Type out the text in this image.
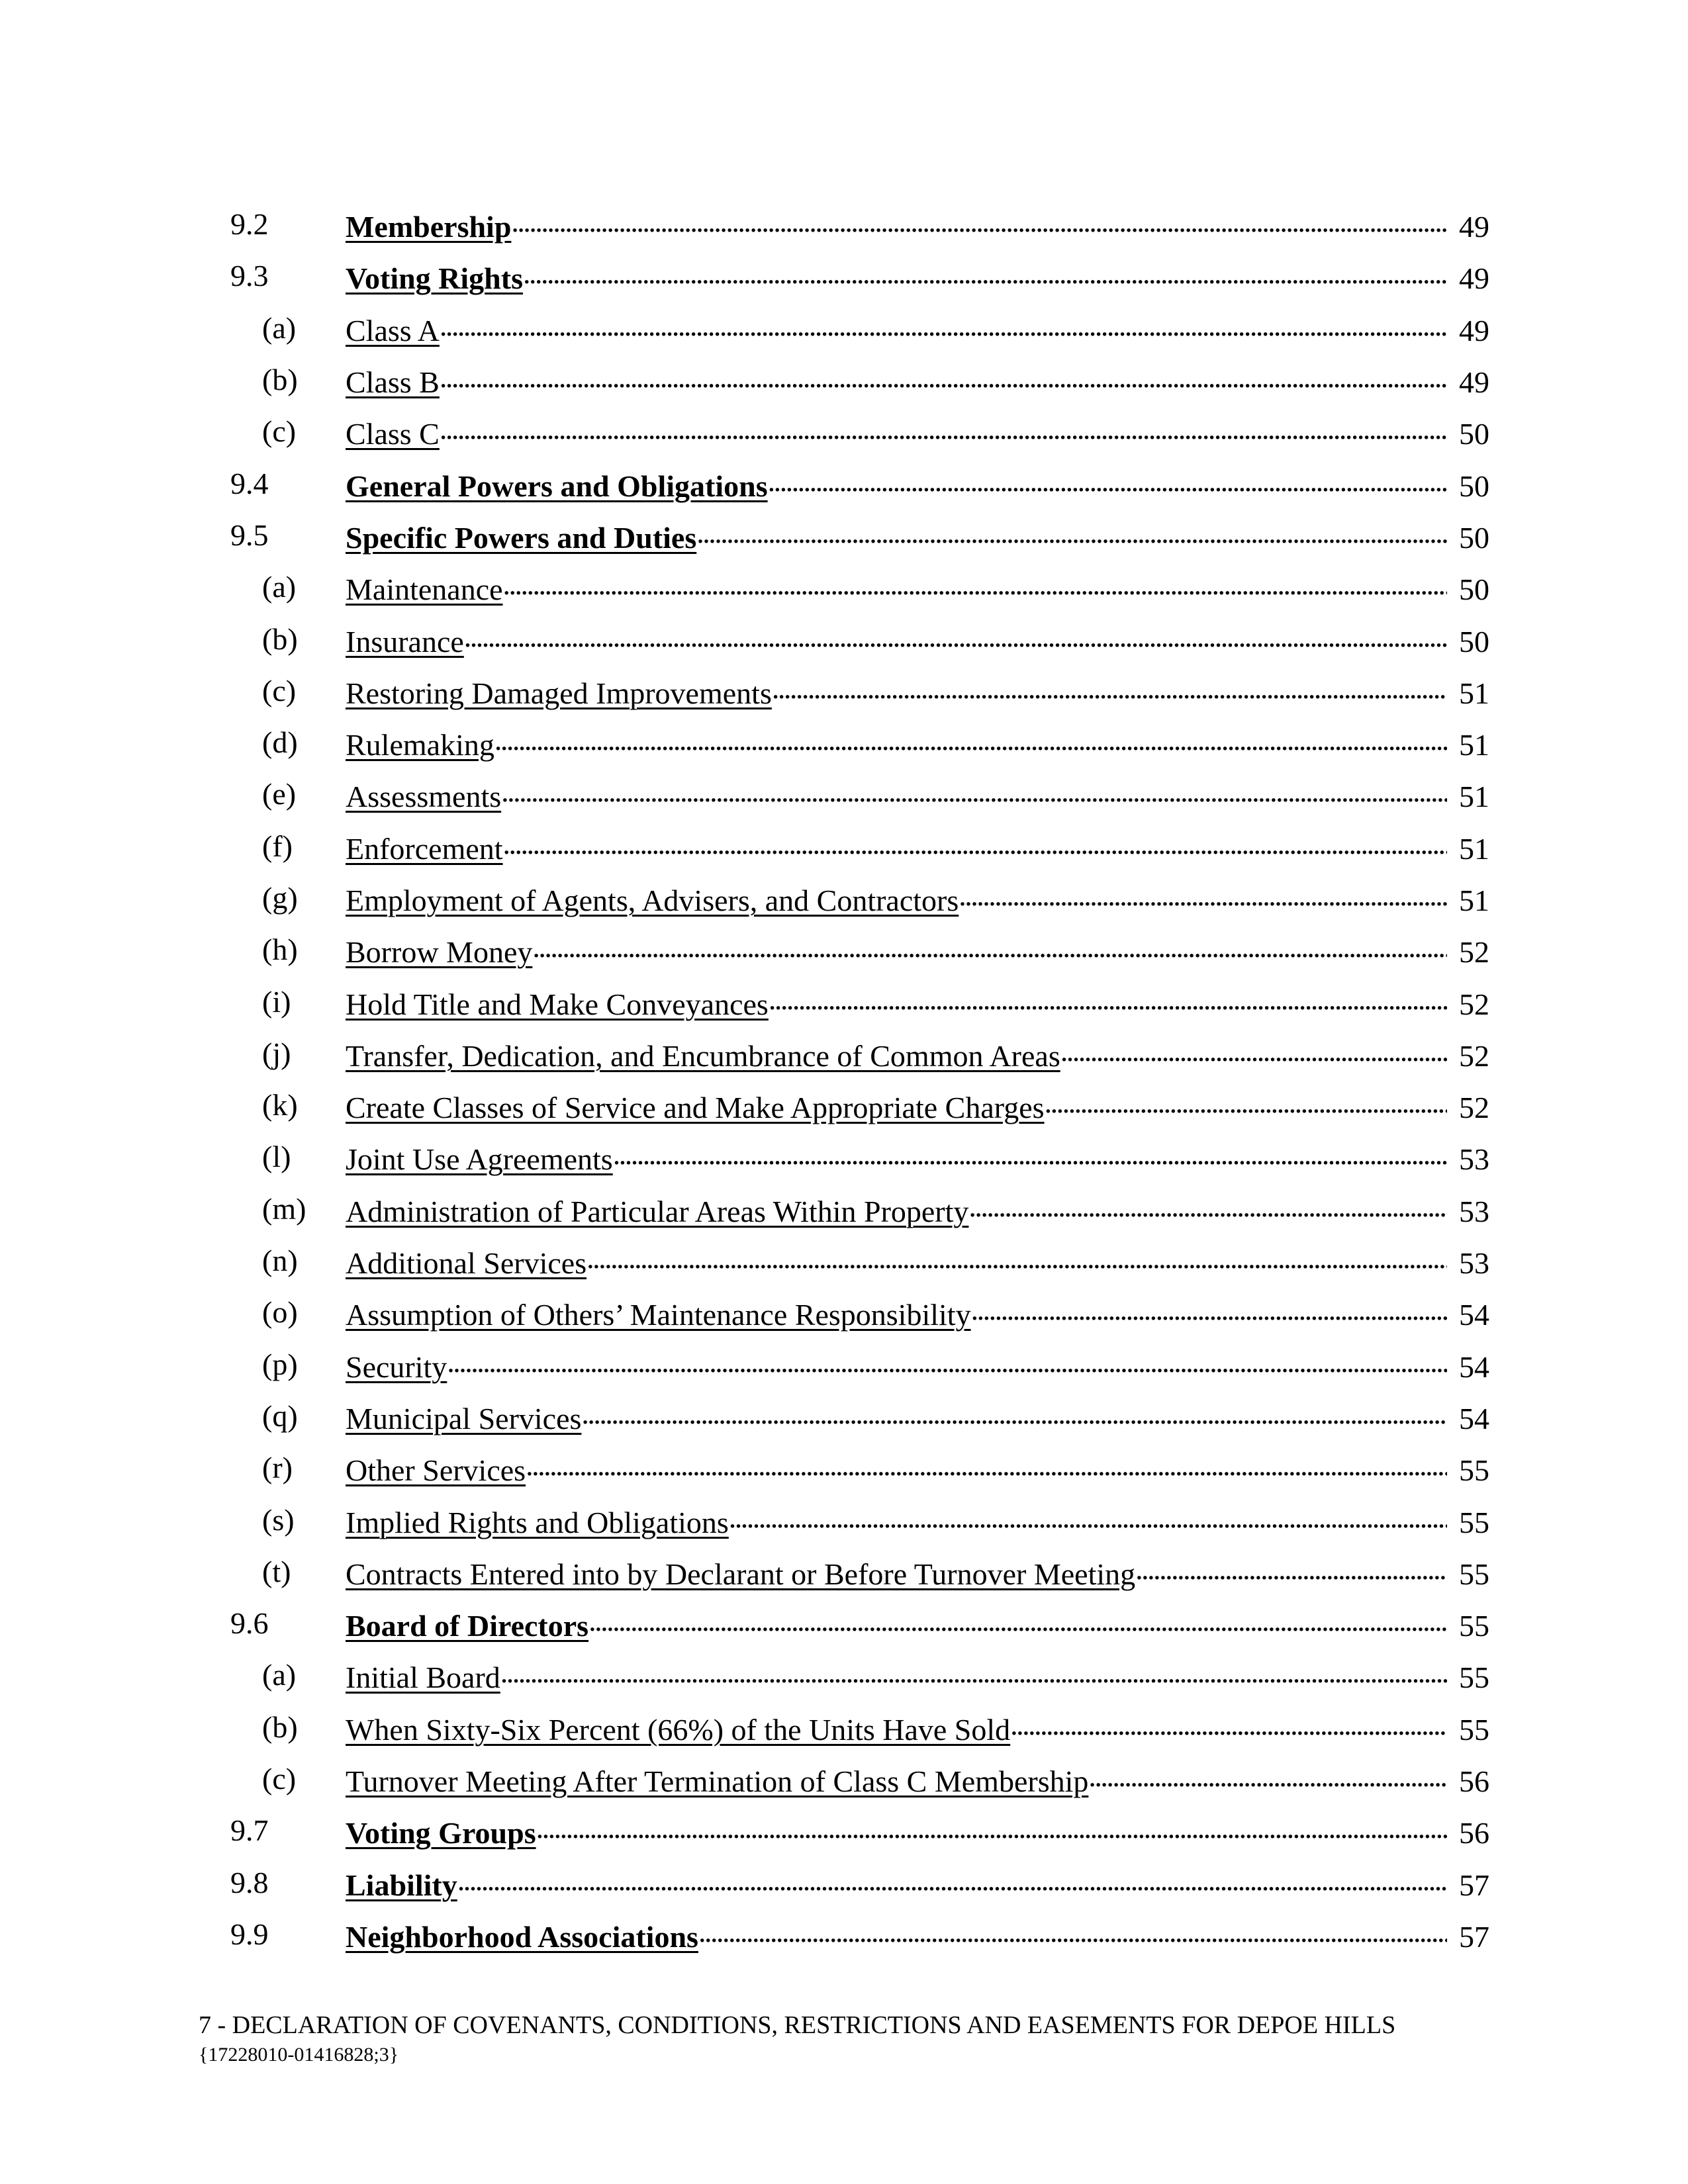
9.2	Membership . . .	49
9.3	Voting Rights . . .	49
(a) Class A . . .	49
(b) Class B . . .	49
(c) Class C . . .	50
9.4	General Powers and Obligations . . .	50
9.5	Specific Powers and Duties . . .	50
(a) Maintenance . . .	50
(b) Insurance . . .	50
(c) Restoring Damaged Improvements . . .	51
(d) Rulemaking . . .	51
(e) Assessments . . .	51
(f) Enforcement . . .	51
(g) Employment of Agents, Advisers, and Contractors . . .	51
(h) Borrow Money . . .	52
(i) Hold Title and Make Conveyances . . .	52
(j) Transfer, Dedication, and Encumbrance of Common Areas . . .	52
(k) Create Classes of Service and Make Appropriate Charges . . .	52
(l) Joint Use Agreements . . .	53
(m) Administration of Particular Areas Within Property . . .	53
(n) Additional Services . . .	53
(o) Assumption of Others’ Maintenance Responsibility . . .	54
(p) Security . . .	54
(q) Municipal Services . . .	54
(r) Other Services . . .	55
(s) Implied Rights and Obligations . . .	55
(t) Contracts Entered into by Declarant or Before Turnover Meeting . . .	55
9.6	Board of Directors . . .	55
(a) Initial Board . . .	55
(b) When Sixty-Six Percent (66%) of the Units Have Sold . . .	55
(c) Turnover Meeting After Termination of Class C Membership . . .	56
9.7	Voting Groups . . .	56
9.8	Liability . . .	57
9.9	Neighborhood Associations . . .	57
7 - DECLARATION OF COVENANTS, CONDITIONS, RESTRICTIONS AND EASEMENTS FOR DEPOE HILLS
{17228010-01416828;3}
